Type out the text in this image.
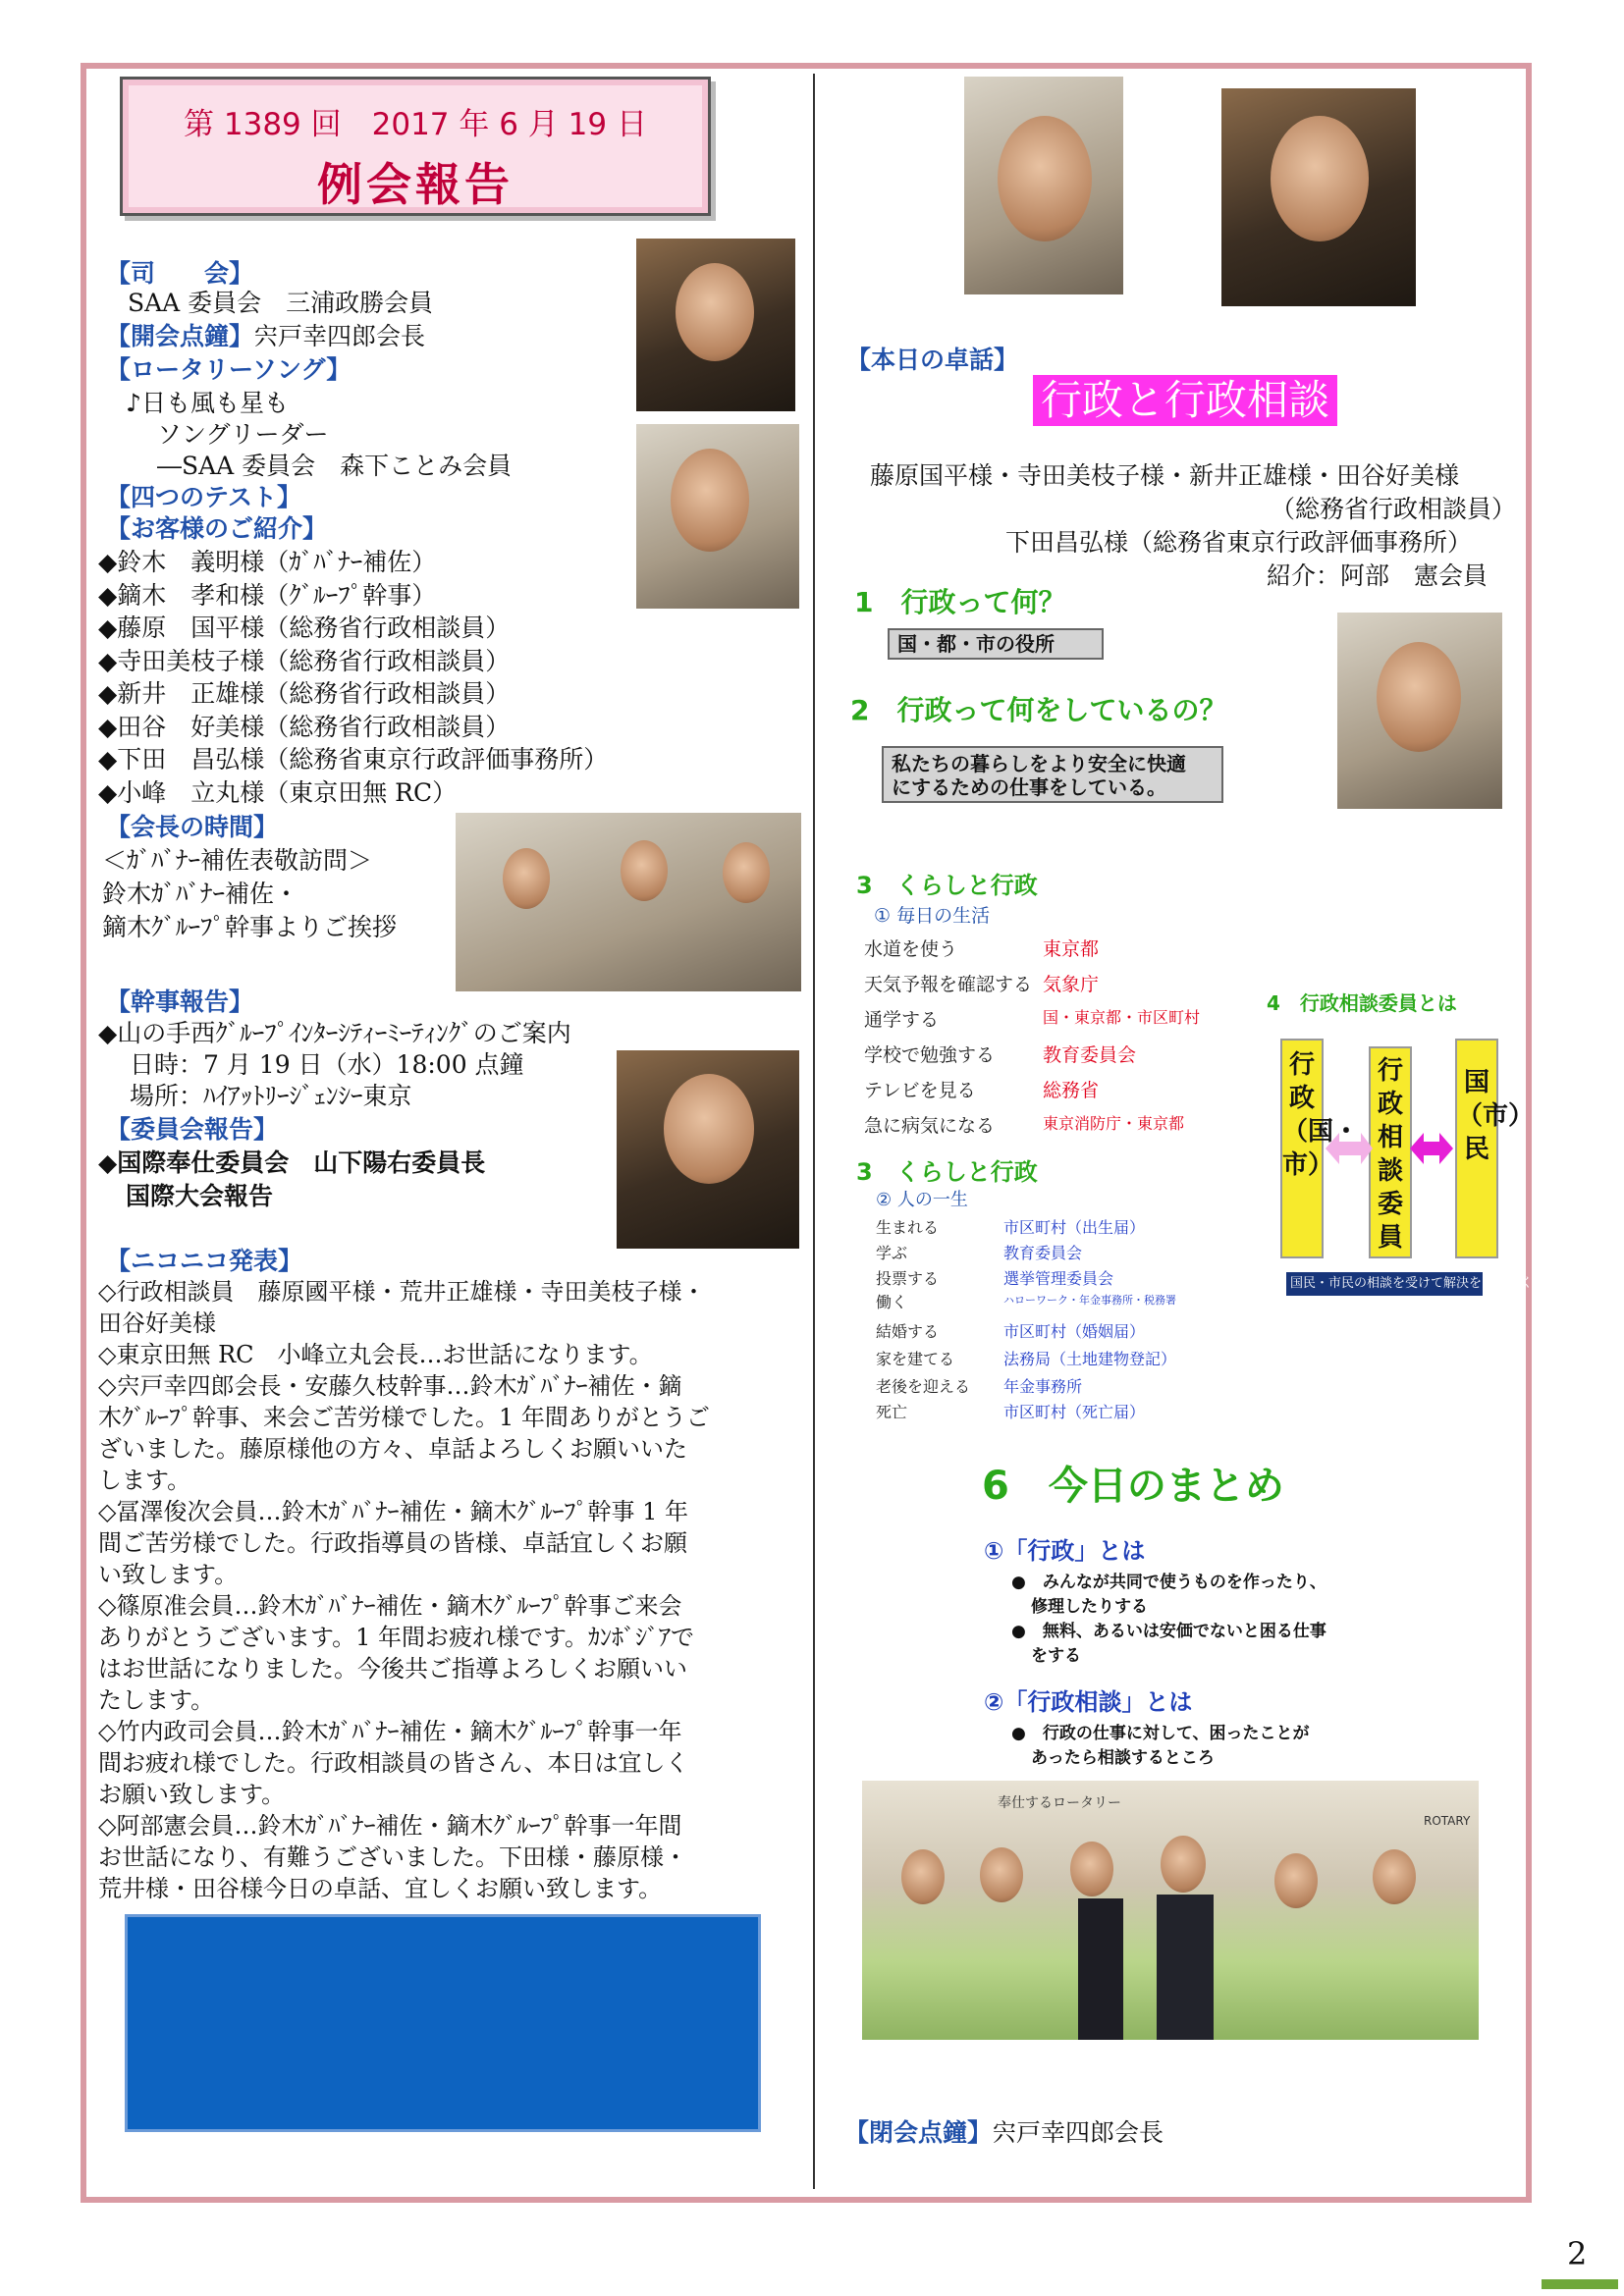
第 1389 回　2017 年 6 月 19 日
例会報告
【司　　会】
SAA 委員会　三浦政勝会員
【開会点鐘】宍戸幸四郎会長
【ロータリーソング】
♪日も風も星も
ソングリーダー
―SAA 委員会　森下ことみ会員
【四つのテスト】
【お客様のご紹介】
◆鈴木　義明様（ｶﾞﾊﾞﾅｰ補佐）
◆鏑木　孝和様（ｸﾞﾙｰﾌﾟ幹事）
◆藤原　国平様（総務省行政相談員）
◆寺田美枝子様（総務省行政相談員）
◆新井　正雄様（総務省行政相談員）
◆田谷　好美様（総務省行政相談員）
◆下田　昌弘様（総務省東京行政評価事務所）
◆小峰　立丸様（東京田無 RC）
【会長の時間】
＜ｶﾞﾊﾞﾅｰ補佐表敬訪問＞
鈴木ｶﾞﾊﾞﾅｰ補佐・
鏑木ｸﾞﾙｰﾌﾟ幹事よりご挨拶
【幹事報告】
◆山の手西ｸﾞﾙｰﾌﾟｲﾝﾀｰｼﾃｨｰﾐｰﾃｨﾝｸﾞのご案内
日時：7 月 19 日（水）18:00 点鐘
場所：ﾊｲｱｯﾄﾘｰｼﾞｪﾝｼｰ東京
【委員会報告】
◆国際奉仕委員会　山下陽右委員長
国際大会報告
【ニコニコ発表】
◇行政相談員　藤原國平様・荒井正雄様・寺田美枝子様・
田谷好美様
◇東京田無 RC　小峰立丸会長…お世話になります。
◇宍戸幸四郎会長・安藤久枝幹事…鈴木ｶﾞﾊﾞﾅｰ補佐・鏑
木ｸﾞﾙｰﾌﾟ幹事、来会ご苦労様でした。1 年間ありがとうご
ざいました。藤原様他の方々、卓話よろしくお願いいた
します。
◇冨澤俊次会員…鈴木ｶﾞﾊﾞﾅｰ補佐・鏑木ｸﾞﾙｰﾌﾟ幹事 1 年
間ご苦労様でした。行政指導員の皆様、卓話宜しくお願
い致します。
◇篠原准会員…鈴木ｶﾞﾊﾞﾅｰ補佐・鏑木ｸﾞﾙｰﾌﾟ幹事ご来会
ありがとうございます。1 年間お疲れ様です。ｶﾝﾎﾞｼﾞｱで
はお世話になりました。今後共ご指導よろしくお願いい
たします。
◇竹内政司会員…鈴木ｶﾞﾊﾞﾅｰ補佐・鏑木ｸﾞﾙｰﾌﾟ幹事一年
間お疲れ様でした。行政相談員の皆さん、本日は宜しく
お願い致します。
◇阿部憲会員…鈴木ｶﾞﾊﾞﾅｰ補佐・鏑木ｸﾞﾙｰﾌﾟ幹事一年間
お世話になり、有難うございました。下田様・藤原様・
荒井様・田谷様今日の卓話、宜しくお願い致します。
【本日の卓話】
行政と行政相談
藤原国平様・寺田美枝子様・新井正雄様・田谷好美様
（総務省行政相談員）
下田昌弘様（総務省東京行政評価事務所）
紹介：阿部　憲会員
1　行政って何？
国・都・市の役所
2　行政って何をしているの？
私たちの暮らしをより安全に快適
にするための仕事をしている。
3　くらしと行政
① 毎日の生活
水道を使う	東京都
天気予報を確認する 気象庁
通学する	国・東京都・市区町村
学校で勉強する	教育委員会
テレビを見る	総務省
急に病気になる	東京消防庁・東京都
4　行政相談委員とは
行政（国・市）
行政相談委員
国（市）民
国民・市民の相談を受けて解決をしていく。
3　くらしと行政
② 人の一生
生まれる	市区町村（出生届）
学ぶ	教育委員会
投票する	選挙管理委員会
働く	ハローワーク・年金事務所・税務署
結婚する	市区町村（婚姻届）
家を建てる	法務局（土地建物登記）
老後を迎える 年金事務所
死亡	市区町村（死亡届）
6　今日のまとめ
①「行政」とは
●　みんなが共同で使うものを作ったり、
修理したりする
●　無料、あるいは安価でないと困る仕事
をする
②「行政相談」とは
●　行政の仕事に対して、困ったことが
あったら相談するところ
奉仕するロータリー
ROTARY
【閉会点鐘】宍戸幸四郎会長
2
